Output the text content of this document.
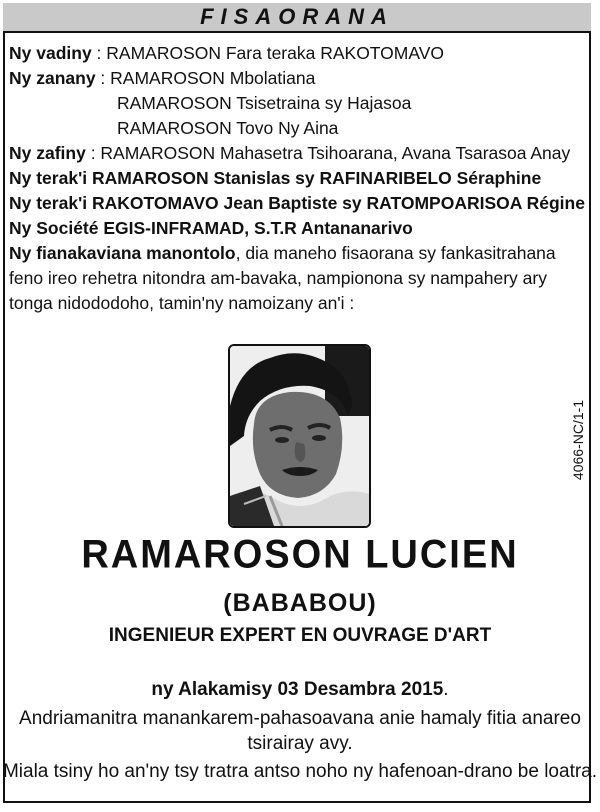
FISAORANA
Ny vadiny : RAMAROSON Fara teraka RAKOTOMAVO
Ny zanany : RAMAROSON Mbolatiana
RAMAROSON Tsisetraina sy Hajasoa
RAMAROSON Tovo Ny Aina
Ny zafiny : RAMAROSON Mahasetra Tsihoarana, Avana Tsarasoa Anay
Ny terak'i RAMAROSON Stanislas sy RAFINARIBELO Séraphine
Ny terak'i RAKOTOMAVO Jean Baptiste sy RATOMPOARISOA Régine
Ny Société EGIS-INFRAMAD, S.T.R Antananarivo
Ny fianakaviana manontolo, dia maneho fisaorana sy fankasitrahana feno ireo rehetra nitondra am-bavaka, nampionona sy nampahery ary tonga nidododoho, tamin'ny namoizany an'i :
4066-NC/1-1
RAMAROSON LUCIEN
(BABABOU)
INGENIEUR EXPERT EN OUVRAGE D'ART
ny Alakamisy 03 Desambra 2015.
Andriamanitra manankarem-pahasoavana anie hamaly fitia anareo tsirairay avy.
Miala tsiny ho an'ny tsy tratra antso noho ny hafenoan-drano be loatra.
